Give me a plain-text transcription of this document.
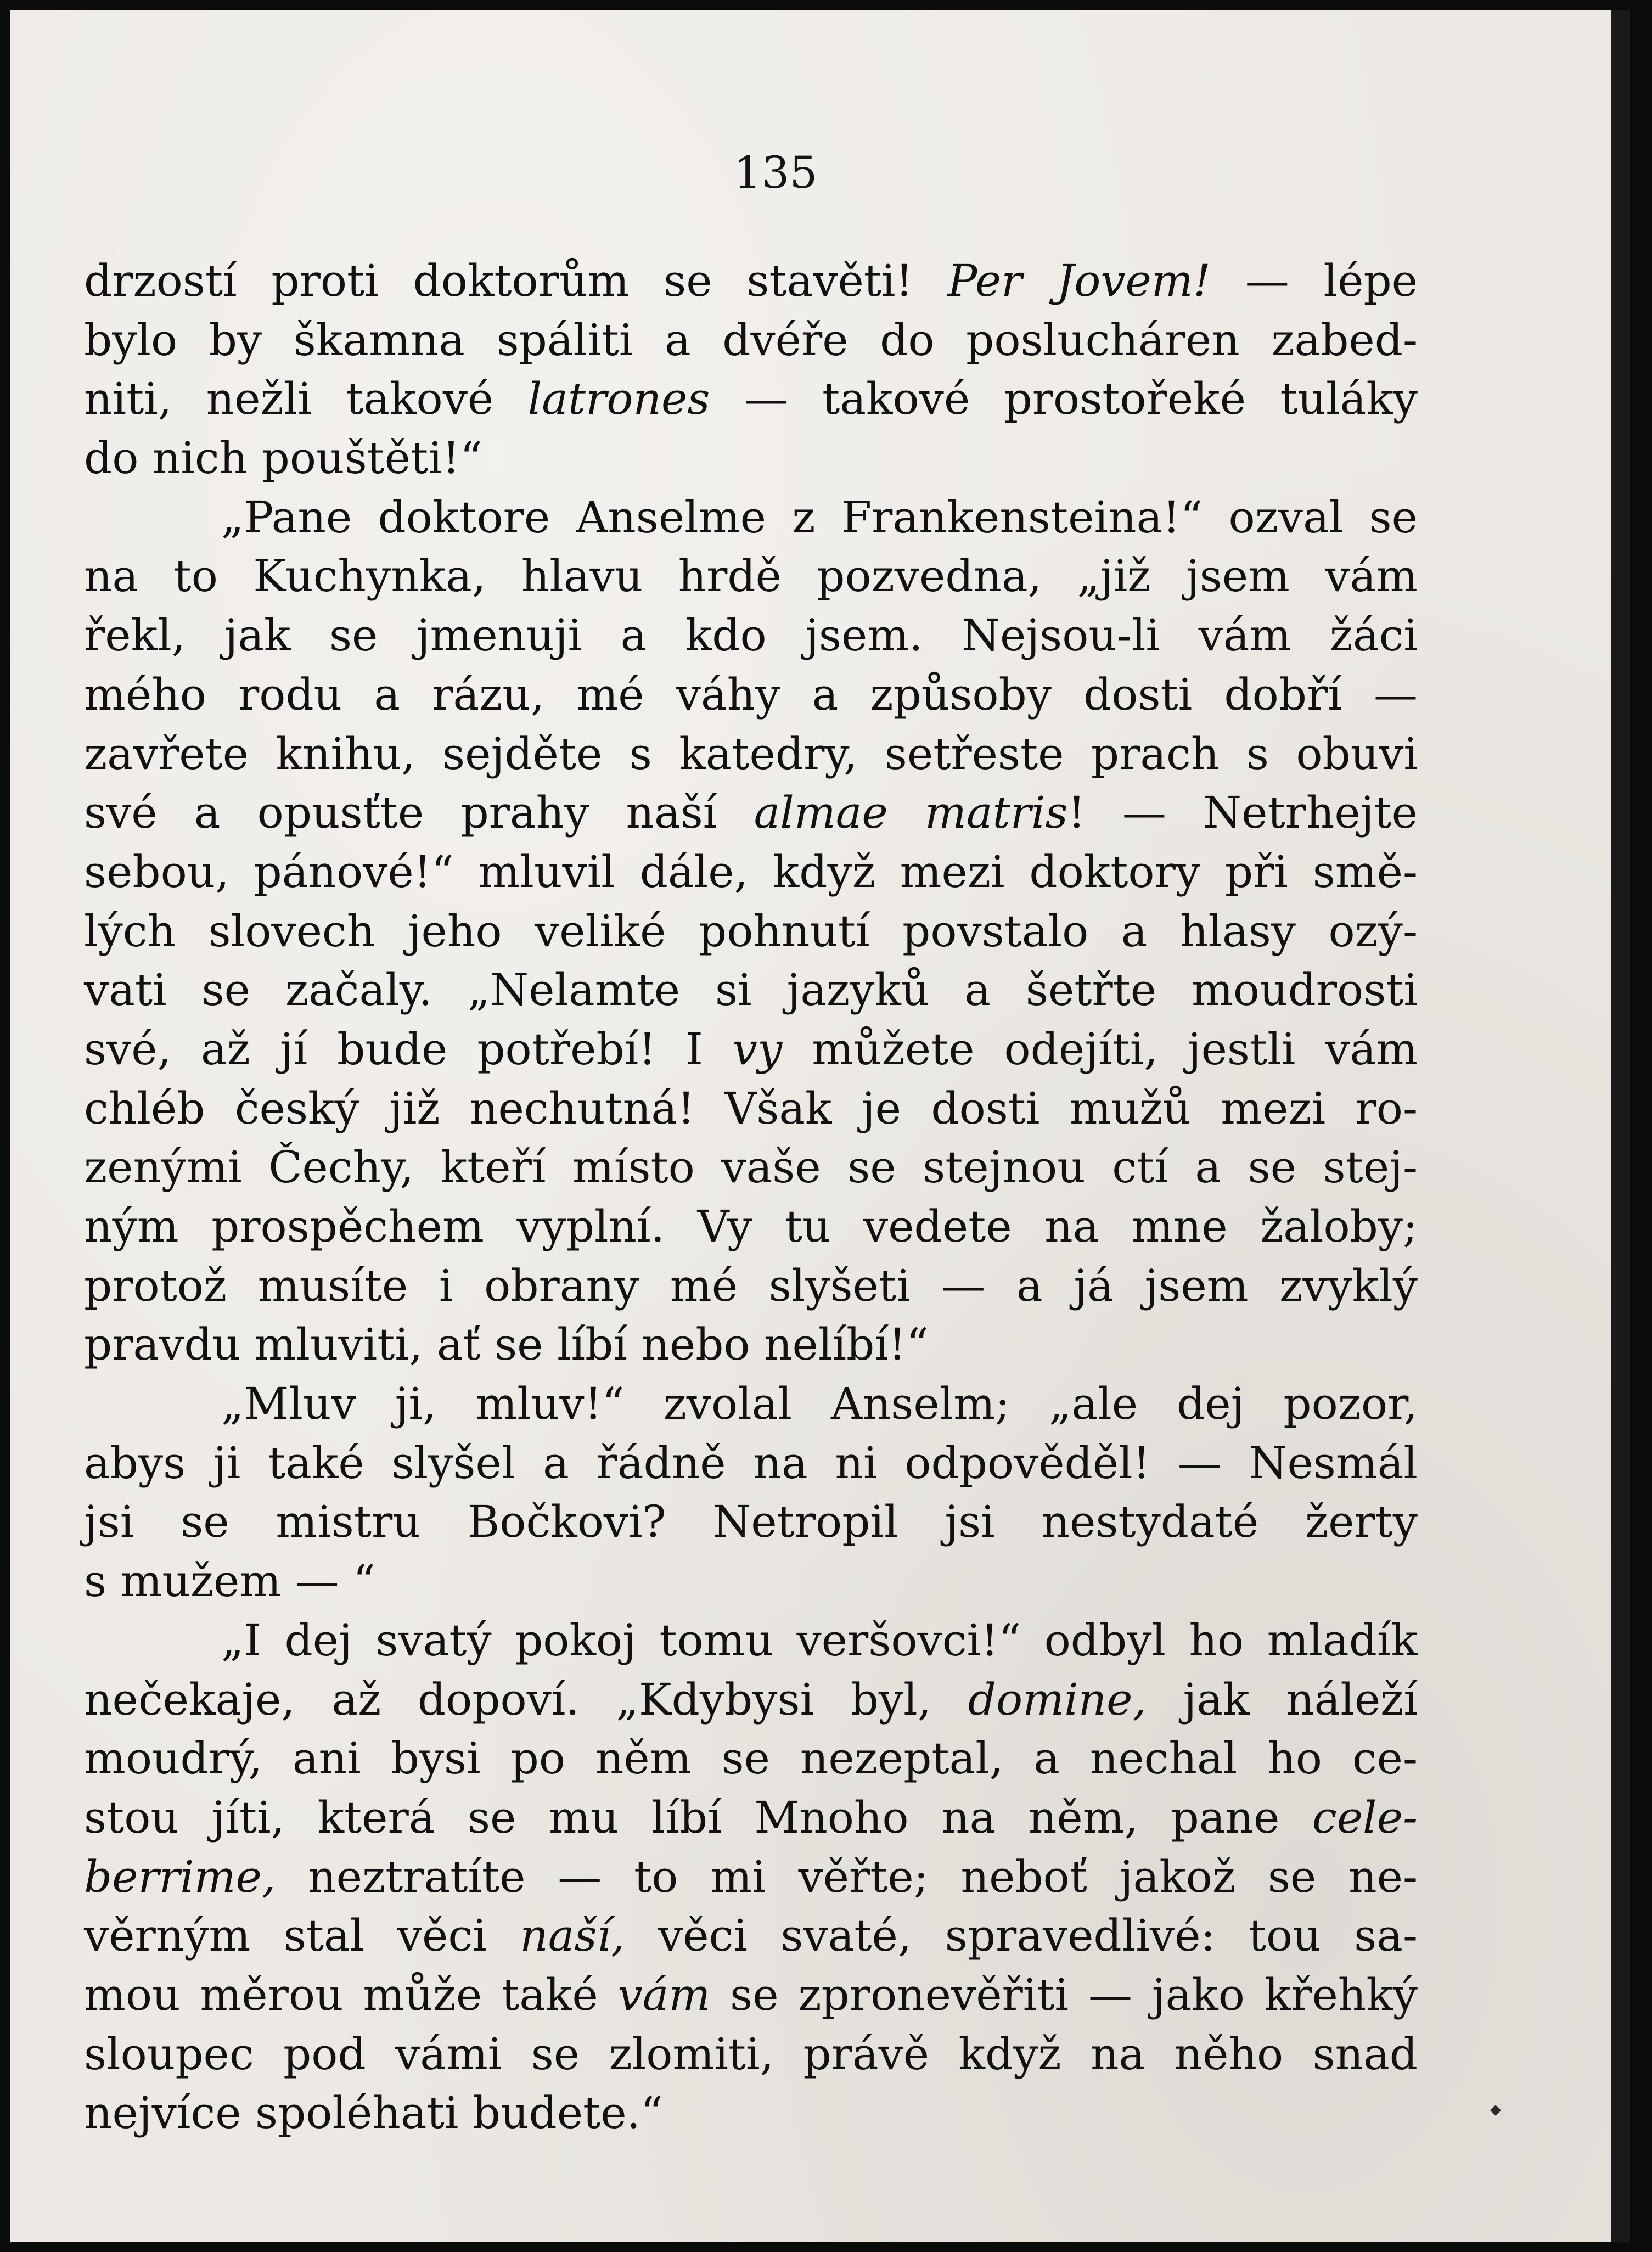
135

drzostí proti doktorům se stavěti! Per Jovem! — lépe
bylo by škamna spáliti a dvéře do poslucháren zabed-
niti, nežli takové latrones — takové prostořeké tuláky
do nich pouštěti!“
„Pane doktore Anselme z Frankensteina!“ ozval se
na to Kuchynka, hlavu hrdě pozvedna, „již jsem vám
řekl, jak se jmenuji a kdo jsem. Nejsou-li vám žáci
mého rodu a rázu, mé váhy a způsoby dosti dobří —
zavřete knihu, sejděte s katedry, setřeste prach s obuvi
své a opusťte prahy naší almae matris! — Netrhejte
sebou, pánové!“ mluvil dále, když mezi doktory při smě-
lých slovech jeho veliké pohnutí povstalo a hlasy ozý-
vati se začaly. „Nelamte si jazyků a šetřte moudrosti
své, až jí bude potřebí! I vy můžete odejíti, jestli vám
chléb český již nechutná! Však je dosti mužů mezi ro-
zenými Čechy, kteří místo vaše se stejnou ctí a se stej-
ným prospěchem vyplní. Vy tu vedete na mne žaloby;
protož musíte i obrany mé slyšeti — a já jsem zvyklý
pravdu mluviti, ať se líbí nebo nelíbí!“
„Mluv ji, mluv!“ zvolal Anselm; „ale dej pozor,
abys ji také slyšel a řádně na ni odpověděl! — Nesmál
jsi se mistru Bočkovi? Netropil jsi nestydaté žerty
s mužem — “
„I dej svatý pokoj tomu veršovci!“ odbyl ho mladík
nečekaje, až dopoví. „Kdybysi byl, domine, jak náleží
moudrý, ani bysi po něm se nezeptal, a nechal ho ce-
stou jíti, která se mu líbí Mnoho na něm, pane cele-
berrime, neztratíte — to mi věřte; neboť jakož se ne-
věrným stal věci naší, věci svaté, spravedlivé: tou sa-
mou měrou může také vám se zpronevěřiti — jako křehký
sloupec pod vámi se zlomiti, právě když na něho snad
nejvíce spoléhati budete.“
